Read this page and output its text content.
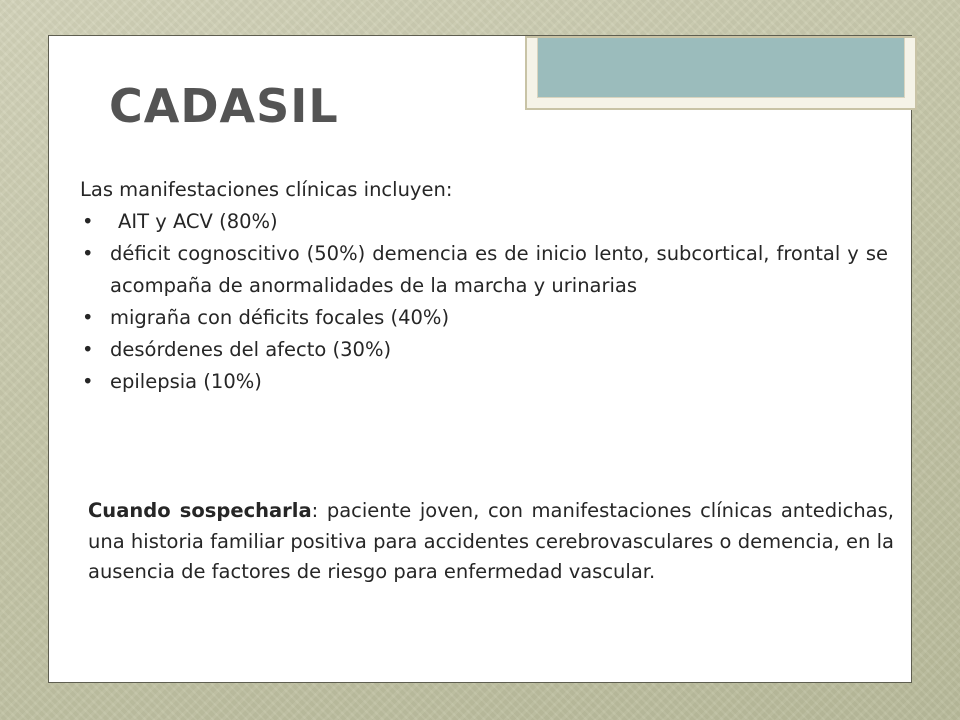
CADASIL

Las manifestaciones clínicas incluyen:

• AIT y ACV (80%)
• déficit cognoscitivo (50%) demencia es de inicio lento, subcortical, frontal y se acompaña de anormalidades de la marcha y urinarias
• migraña con déficits focales (40%)
• desórdenes del afecto (30%)
• epilepsia (10%)

Cuando sospecharla: paciente joven, con manifestaciones clínicas antedichas, una historia familiar positiva para accidentes cerebrovasculares o demencia, en la ausencia de factores de riesgo para enfermedad vascular.
